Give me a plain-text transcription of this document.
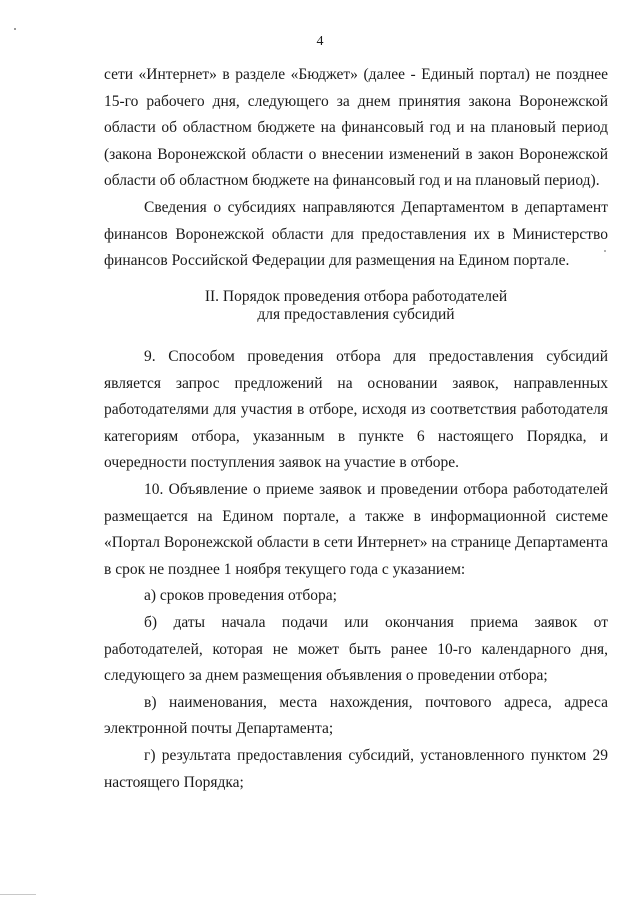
4

сети «Интернет» в разделе «Бюджет» (далее - Единый портал) не позднее 15-го рабочего дня, следующего за днем принятия закона Воронежской области об областном бюджете на финансовый год и на плановый период (закона Воронежской области о внесении изменений в закон Воронежской области об областном бюджете на финансовый год и на плановый период).

Сведения о субсидиях направляются Департаментом в департамент финансов Воронежской области для предоставления их в Министерство финансов Российской Федерации для размещения на Едином портале.

II. Порядок проведения отбора работодателей
для предоставления субсидий

9. Способом проведения отбора для предоставления субсидий является запрос предложений на основании заявок, направленных работодателями для участия в отборе, исходя из соответствия работодателя категориям отбора, указанным в пункте 6 настоящего Порядка, и очередности поступления заявок на участие в отборе.

10. Объявление о приеме заявок и проведении отбора работодателей размещается на Едином портале, а также в информационной системе «Портал Воронежской области в сети Интернет» на странице Департамента в срок не позднее 1 ноября текущего года с указанием:

а) сроков проведения отбора;

б) даты начала подачи или окончания приема заявок от работодателей, которая не может быть ранее 10-го календарного дня, следующего за днем размещения объявления о проведении отбора;

в) наименования, места нахождения, почтового адреса, адреса электронной почты Департамента;

г) результата предоставления субсидий, установленного пунктом 29 настоящего Порядка;
